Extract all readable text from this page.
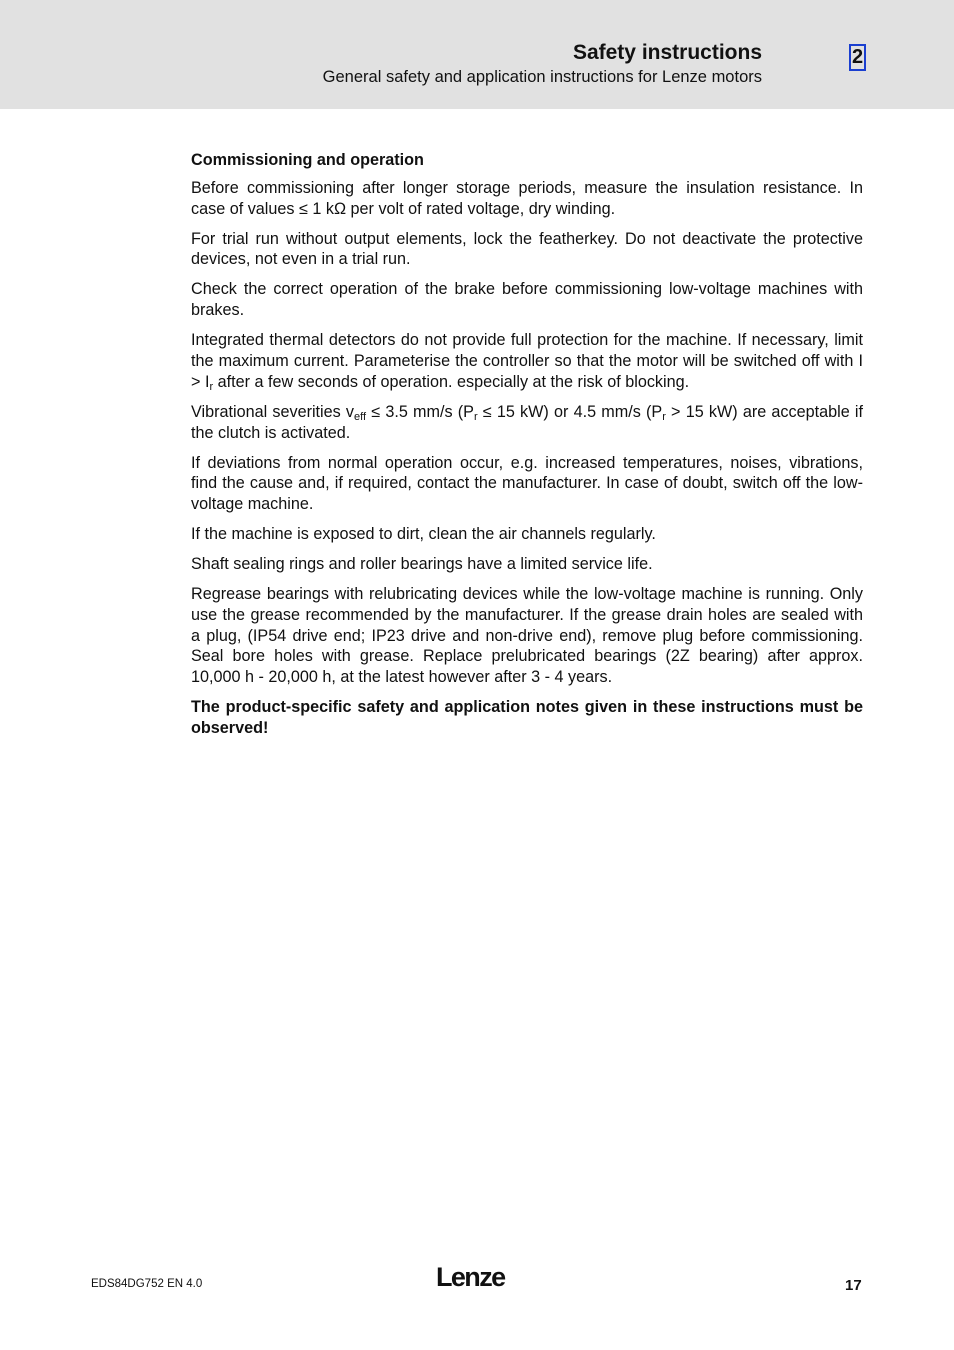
Safety instructions
General safety and application instructions for Lenze motors
2
Commissioning and operation

Before commissioning after longer storage periods, measure the insulation resistance. In case of values ≤ 1 kΩ per volt of rated voltage, dry winding.

For trial run without output elements, lock the featherkey. Do not deactivate the protective devices, not even in a trial run.

Check the correct operation of the brake before commissioning low-voltage machines with brakes.

Integrated thermal detectors do not provide full protection for the machine. If necessary, limit the maximum current. Parameterise the controller so that the motor will be switched off with $I > I_r$ after a few seconds of operation. especially at the risk of blocking.

Vibrational severities $v_{eff} \le 3.5$ mm/s ($P_r \le 15$ kW) or 4.5 mm/s ($P_r > 15$ kW) are acceptable if the clutch is activated.

If deviations from normal operation occur, e.g. increased temperatures, noises, vibrations, find the cause and, if required, contact the manufacturer. In case of doubt, switch off the low-voltage machine.

If the machine is exposed to dirt, clean the air channels regularly.

Shaft sealing rings and roller bearings have a limited service life.

Regrease bearings with relubricating devices while the low-voltage machine is running. Only use the grease recommended by the manufacturer. If the grease drain holes are sealed with a plug, (IP54 drive end; IP23 drive and non-drive end), remove plug before commissioning. Seal bore holes with grease. Replace prelubricated bearings (2Z bearing) after approx. 10,000 h - 20,000 h, at the latest however after 3 - 4 years.

The product-specific safety and application notes given in these instructions must be observed!

EDS84DG752 EN 4.0	Lenze	17
